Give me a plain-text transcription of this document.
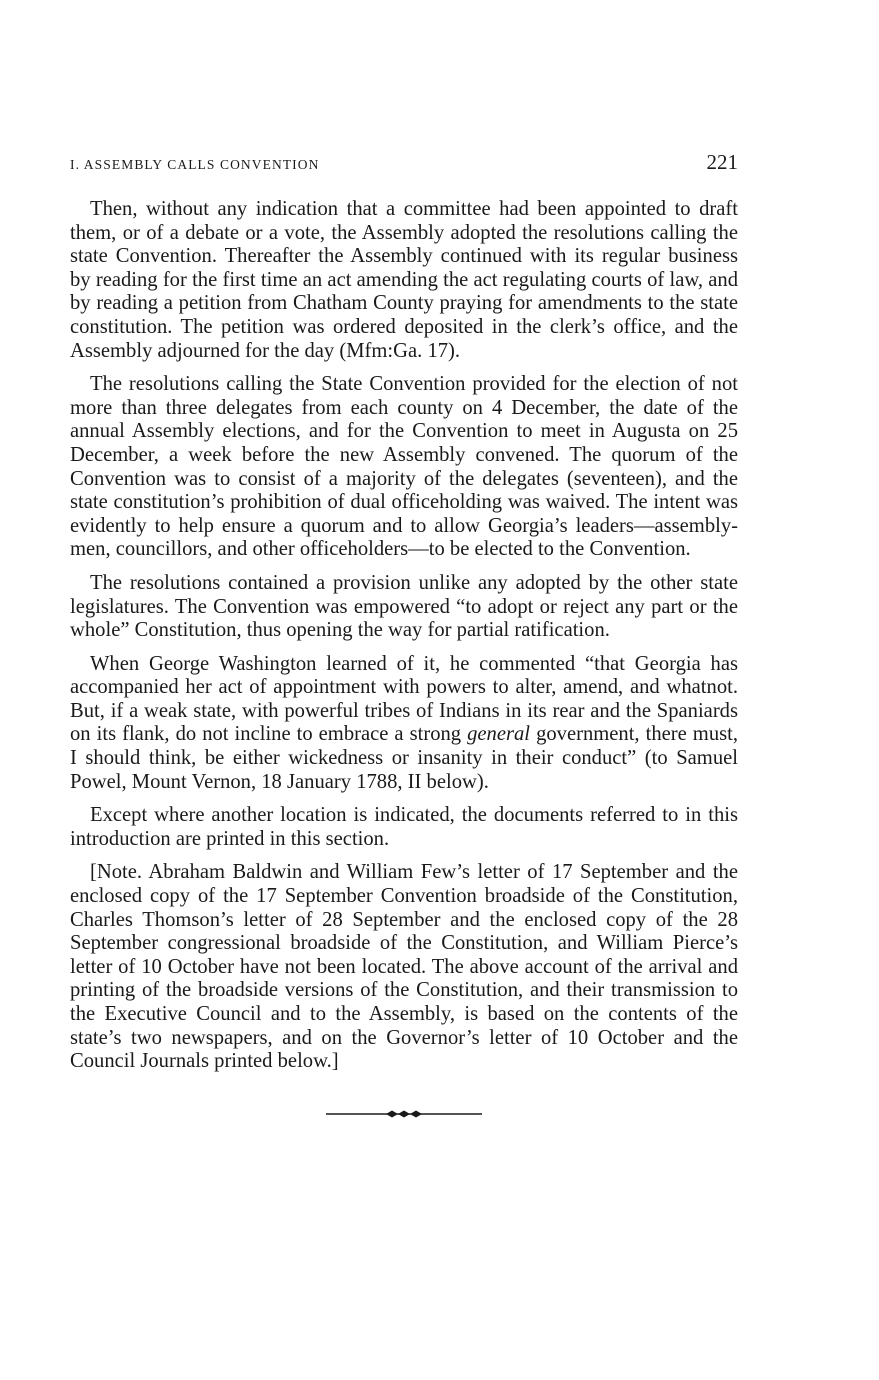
I. ASSEMBLY CALLS CONVENTION	221

Then, without any indication that a committee had been appointed to draft them, or of a debate or a vote, the Assembly adopted the resolutions calling the state Convention. Thereafter the Assembly continued with its regular business by reading for the first time an act amending the act regulating courts of law, and by reading a petition from Chatham County praying for amendments to the state constitution. The petition was ordered deposited in the clerk’s office, and the Assembly adjourned for the day (Mfm:Ga. 17).

The resolutions calling the State Convention provided for the election of not more than three delegates from each county on 4 December, the date of the annual Assembly elections, and for the Convention to meet in Augusta on 25 December, a week before the new Assembly convened. The quorum of the Convention was to consist of a majority of the delegates (seventeen), and the state constitution’s prohibition of dual officeholding was waived. The intent was evidently to help ensure a quorum and to allow Georgia’s leaders—assemblymen, councillors, and other officeholders—to be elected to the Convention.

The resolutions contained a provision unlike any adopted by the other state legislatures. The Convention was empowered “to adopt or reject any part or the whole” Constitution, thus opening the way for partial ratification.

When George Washington learned of it, he commented “that Georgia has accompanied her act of appointment with powers to alter, amend, and whatnot. But, if a weak state, with powerful tribes of Indians in its rear and the Spaniards on its flank, do not incline to embrace a strong general government, there must, I should think, be either wickedness or insanity in their conduct” (to Samuel Powel, Mount Vernon, 18 January 1788, II below).

Except where another location is indicated, the documents referred to in this introduction are printed in this section.

[Note. Abraham Baldwin and William Few’s letter of 17 September and the enclosed copy of the 17 September Convention broadside of the Constitution, Charles Thomson’s letter of 28 September and the enclosed copy of the 28 September congressional broadside of the Constitution, and William Pierce’s letter of 10 October have not been located. The above account of the arrival and printing of the broadside versions of the Constitution, and their transmission to the Executive Council and to the Assembly, is based on the contents of the state’s two newspapers, and on the Governor’s letter of 10 October and the Council Journals printed below.]
